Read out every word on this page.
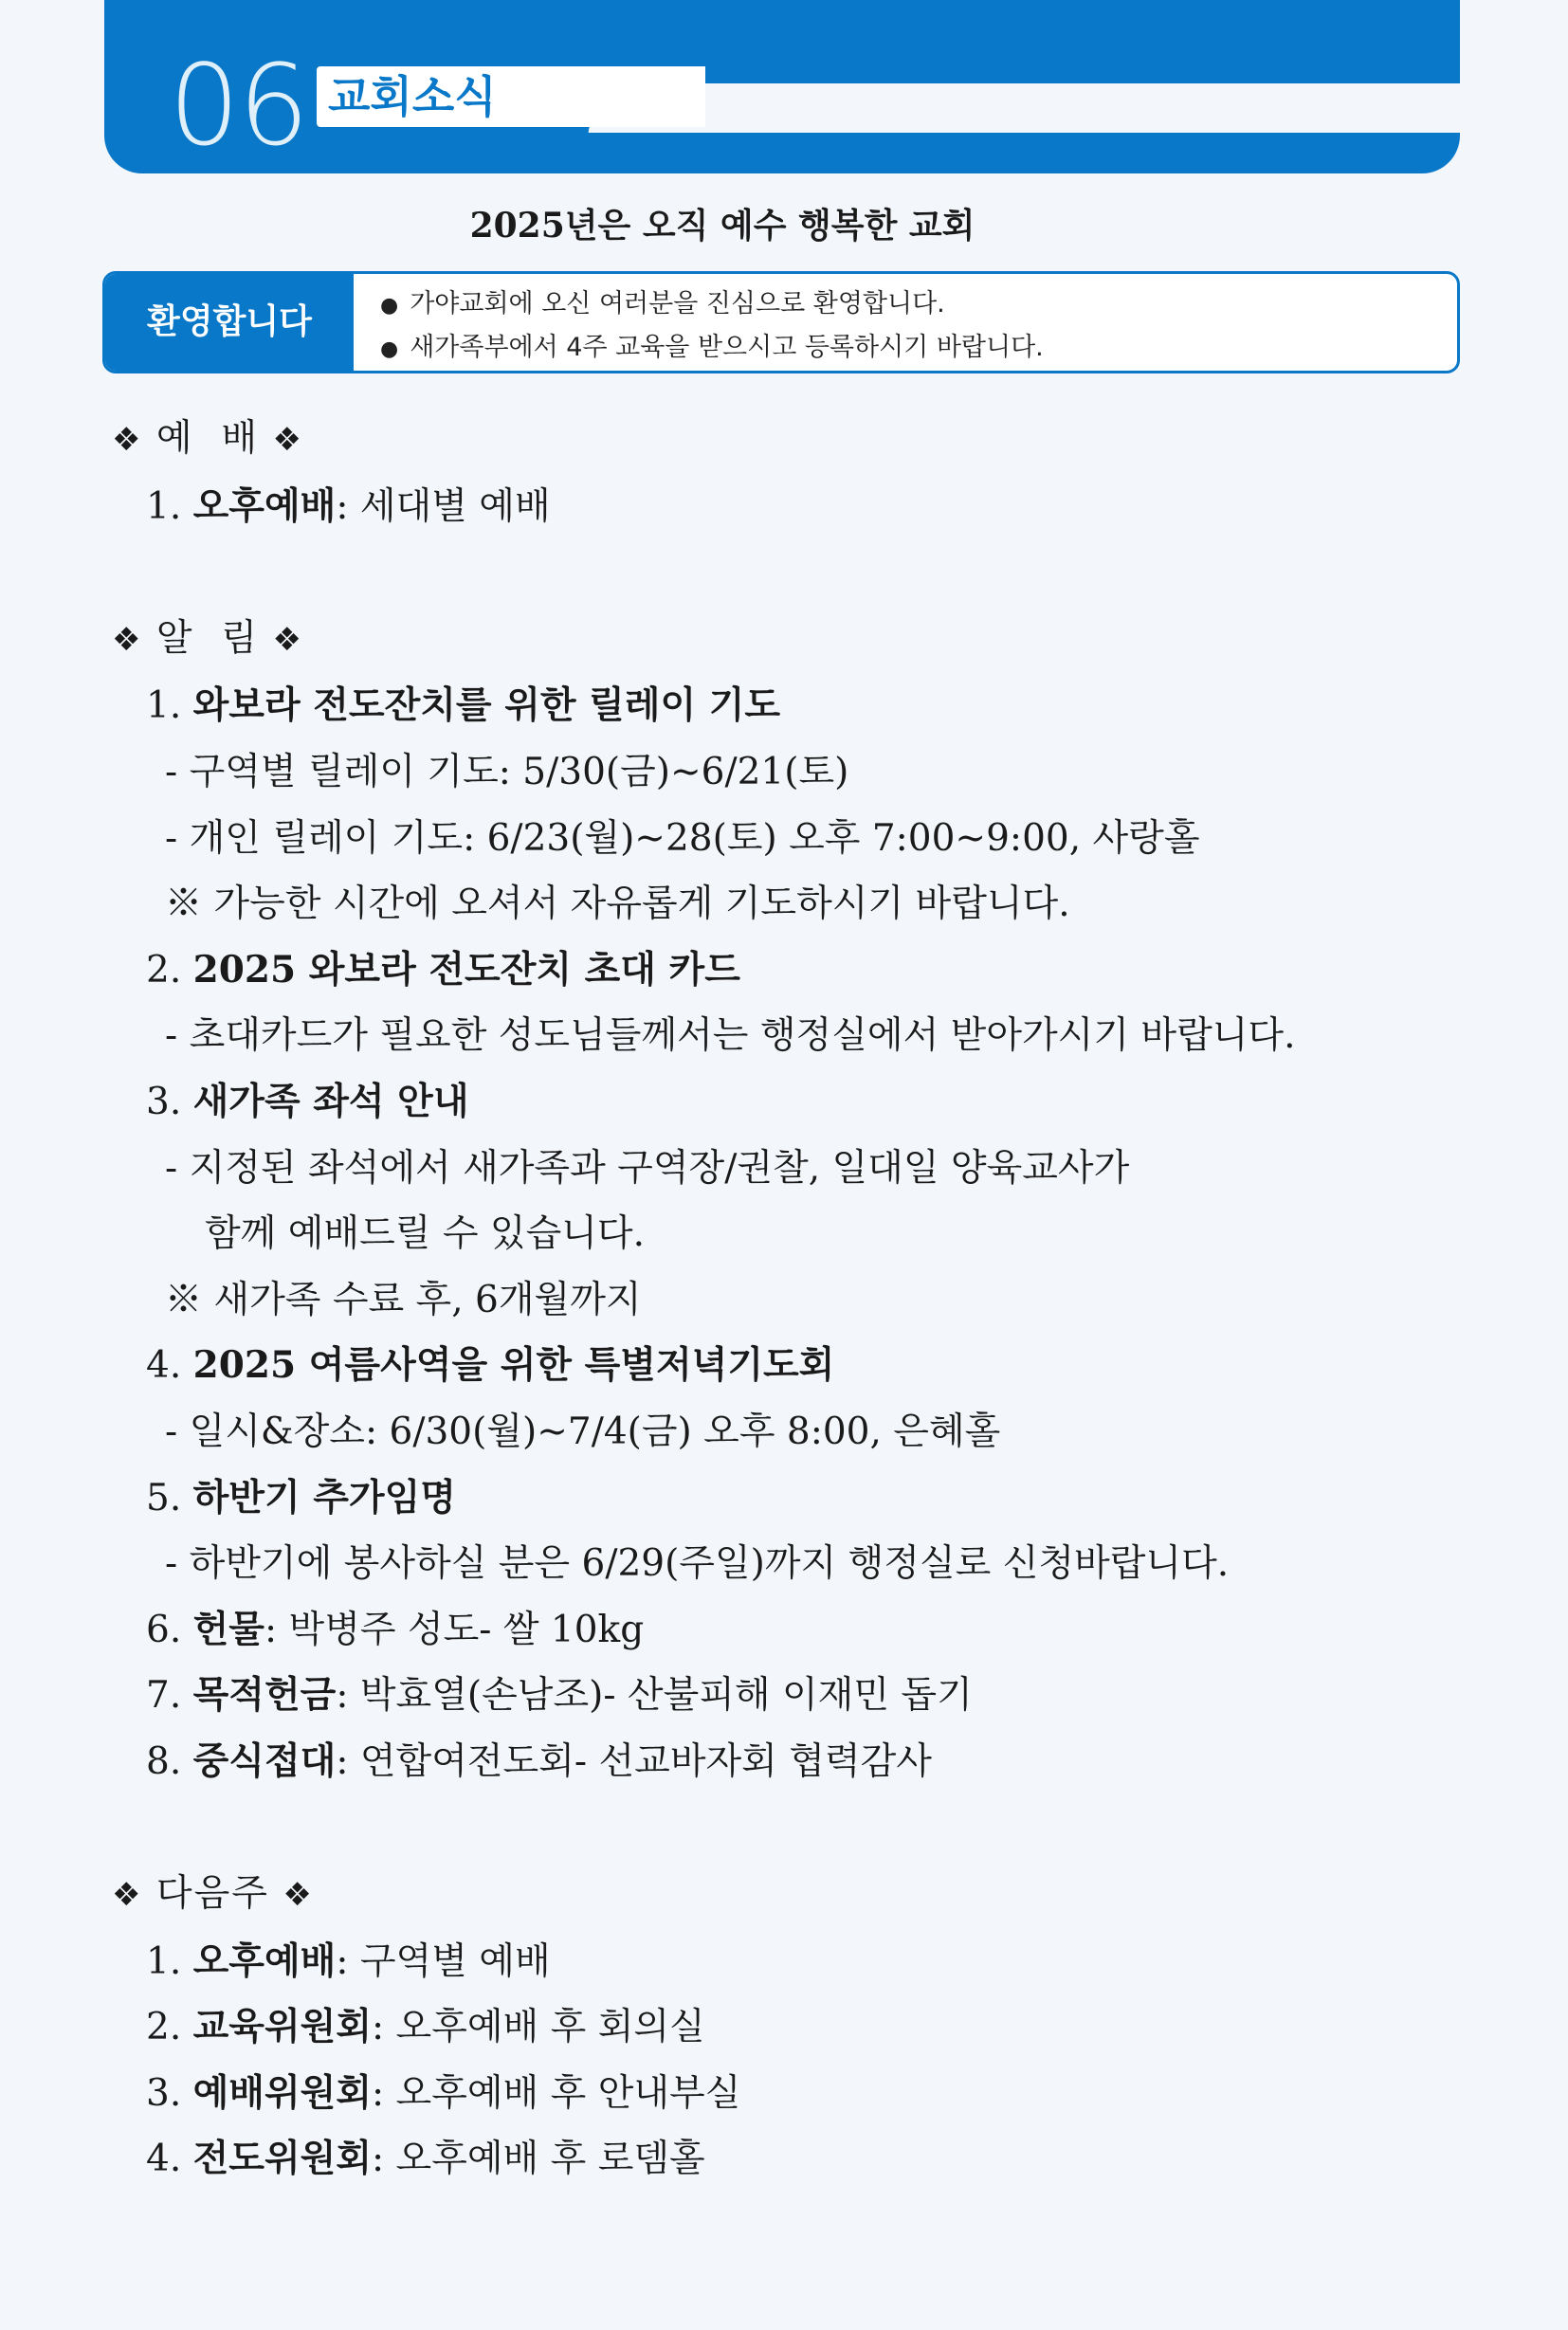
06 교회소식
2025년은 오직 예수 행복한 교회
환영합니다
●	가야교회에 오신 여러분을 진심으로 환영합니다.
● 새가족부에서 4주 교육을 받으시고 등록하시기 바랍니다.
❖ 예  배 ❖
1. 오후예배: 세대별 예배
❖ 알  림 ❖
1. 와보라 전도잔치를 위한 릴레이 기도
- 구역별 릴레이 기도: 5/30(금)~6/21(토)
- 개인 릴레이 기도: 6/23(월)~28(토) 오후 7:00~9:00, 사랑홀
※ 가능한 시간에 오셔서 자유롭게 기도하시기 바랍니다.
2. 2025 와보라 전도잔치 초대 카드
- 초대카드가 필요한 성도님들께서는 행정실에서 받아가시기 바랍니다.
3. 새가족 좌석 안내
- 지정된 좌석에서 새가족과 구역장/권찰, 일대일 양육교사가
함께 예배드릴 수 있습니다.
※ 새가족 수료 후, 6개월까지
4. 2025 여름사역을 위한 특별저녁기도회
- 일시&장소: 6/30(월)~7/4(금) 오후 8:00, 은혜홀
5. 하반기 추가임명
- 하반기에 봉사하실 분은 6/29(주일)까지 행정실로 신청바랍니다.
6. 헌물: 박병주 성도- 쌀 10kg
7. 목적헌금: 박효열(손남조)- 산불피해 이재민 돕기
8. 중식접대: 연합여전도회- 선교바자회 협력감사
❖ 다음주 ❖
1. 오후예배: 구역별 예배
2. 교육위원회: 오후예배 후 회의실
3. 예배위원회: 오후예배 후 안내부실
4. 전도위원회: 오후예배 후 로뎀홀
